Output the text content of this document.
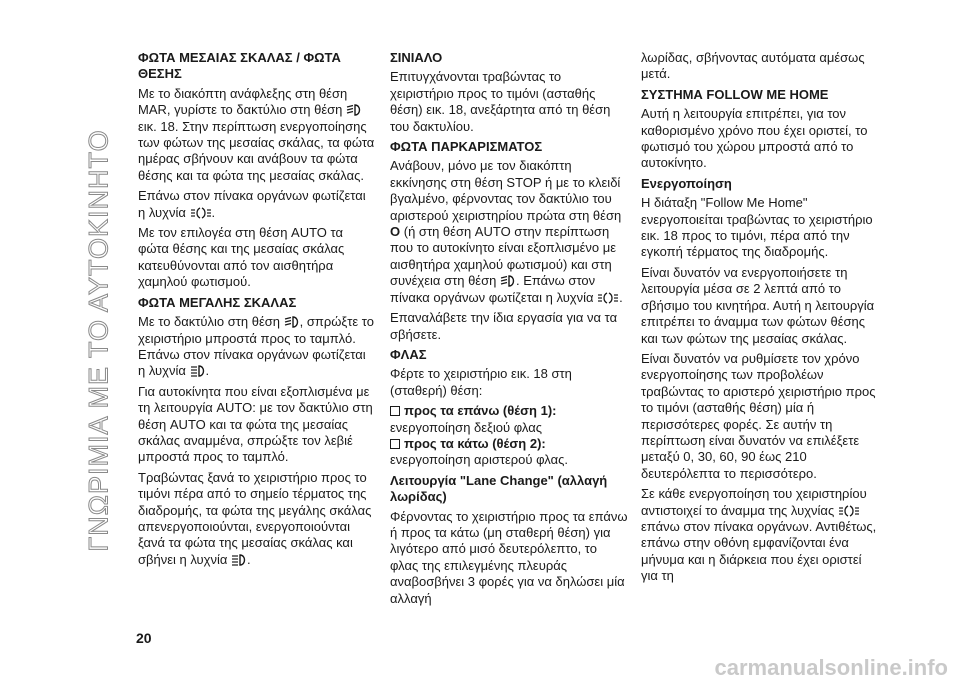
ΓΝΩΡΙΜΙΑ ΜΕ ΤΟ ΑΥΤΟΚΙΝΗΤΟ
ΦΩΤΑ ΜΕΣΑΙΑΣ ΣΚΑΛΑΣ / ΦΩΤΑ ΘΕΣΗΣ

Με το διακόπτη ανάφλεξης στη θέση MAR, γυρίστε το δακτύλιο στη θέση  εικ. 18. Στην περίπτωση ενεργοποίησης των φώτων της μεσαίας σκάλας, τα φώτα ημέρας σβήνουν και ανάβουν τα φώτα θέσης και τα φώτα της μεσαίας σκάλας.

Επάνω στον πίνακα οργάνων φωτίζεται η λυχνία .

Με τον επιλογέα στη θέση AUTO τα φώτα θέσης και της μεσαίας σκάλας κατευθύνονται από τον αισθητήρα χαμηλού φωτισμού.

ΦΩΤΑ ΜΕΓΑΛΗΣ ΣΚΑΛΑΣ

Με το δακτύλιο στη θέση , σπρώξτε το χειριστήριο μπροστά προς το ταμπλό. Επάνω στον πίνακα οργάνων φωτίζεται η λυχνία .

Για αυτοκίνητα που είναι εξοπλισμένα με τη λειτουργία AUTO: με τον δακτύλιο στη θέση AUTO και τα φώτα της μεσαίας σκάλας αναμμένα, σπρώξτε τον λεβιέ μπροστά προς το ταμπλό.

Τραβώντας ξανά το χειριστήριο προς το τιμόνι πέρα από το σημείο τέρματος της διαδρομής, τα φώτα της μεγάλης σκάλας απενεργοποιούνται, ενεργοποιούνται ξανά τα φώτα της μεσαίας σκάλας και σβήνει η λυχνία .

ΣΙΝΙΑΛΟ

Επιτυγχάνονται τραβώντας το χειριστήριο προς το τιμόνι (ασταθής θέση) εικ. 18, ανεξάρτητα από τη θέση του δακτυλίου.

ΦΩΤΑ ΠΑΡΚΑΡΙΣΜΑΤΟΣ

Ανάβουν, μόνο με τον διακόπτη εκκίνησης στη θέση STOP ή με το κλειδί βγαλμένο, φέρνοντας τον δακτύλιο του αριστερού χειριστηρίου πρώτα στη θέση O (ή στη θέση AUTO στην περίπτωση που το αυτοκίνητο είναι εξοπλισμένο με αισθητήρα χαμηλού φωτισμού) και στη συνέχεια στη θέση . Επάνω στον πίνακα οργάνων φωτίζεται η λυχνία .

Επαναλάβετε την ίδια εργασία για να τα σβήσετε.

ΦΛΑΣ

Φέρτε το χειριστήριο εικ. 18 στη (σταθερή) θέση:

προς τα επάνω (θέση 1):

ενεργοποίηση δεξιού φλας

προς τα κάτω (θέση 2):

ενεργοποίηση αριστερού φλας.

Λειτουργία "Lane Change" (αλλαγή λωρίδας)

Φέρνοντας το χειριστήριο προς τα επάνω ή προς τα κάτω (μη σταθερή θέση) για λιγότερο από μισό δευτερόλεπτο, το φλας της επιλεγμένης πλευράς αναβοσβήνει 3 φορές για να δηλώσει μία αλλαγή

λωρίδας, σβήνοντας αυτόματα αμέσως μετά.

ΣΥΣΤΗΜΑ FOLLOW ME HOME

Αυτή η λειτουργία επιτρέπει, για τον καθορισμένο χρόνο που έχει οριστεί, το φωτισμό του χώρου μπροστά από το αυτοκίνητο.

Ενεργοποίηση

Η διάταξη "Follow Me Home" ενεργοποιείται τραβώντας το χειριστήριο εικ. 18 προς το τιμόνι, πέρα από την εγκοπή τέρματος της διαδρομής.

Είναι δυνατόν να ενεργοποιήσετε τη λειτουργία μέσα σε 2 λεπτά από το σβήσιμο του κινητήρα. Αυτή η λειτουργία επιτρέπει το άναμμα των φώτων θέσης και των φώτων της μεσαίας σκάλας.

Είναι δυνατόν να ρυθμίσετε τον χρόνο ενεργοποίησης των προβολέων τραβώντας το αριστερό χειριστήριο προς το τιμόνι (ασταθής θέση) μία ή περισσότερες φορές. Σε αυτήν τη περίπτωση είναι δυνατόν να επιλέξετε μεταξύ 0, 30, 60, 90 έως 210 δευτερόλεπτα το περισσότερο.

Σε κάθε ενεργοποίηση του χειριστηρίου αντιστοιχεί το άναμμα της λυχνίας  επάνω στον πίνακα οργάνων. Αντιθέτως, επάνω στην οθόνη εμφανίζονται ένα μήνυμα και η διάρκεια που έχει οριστεί για τη

20
carmanualsonline.info
